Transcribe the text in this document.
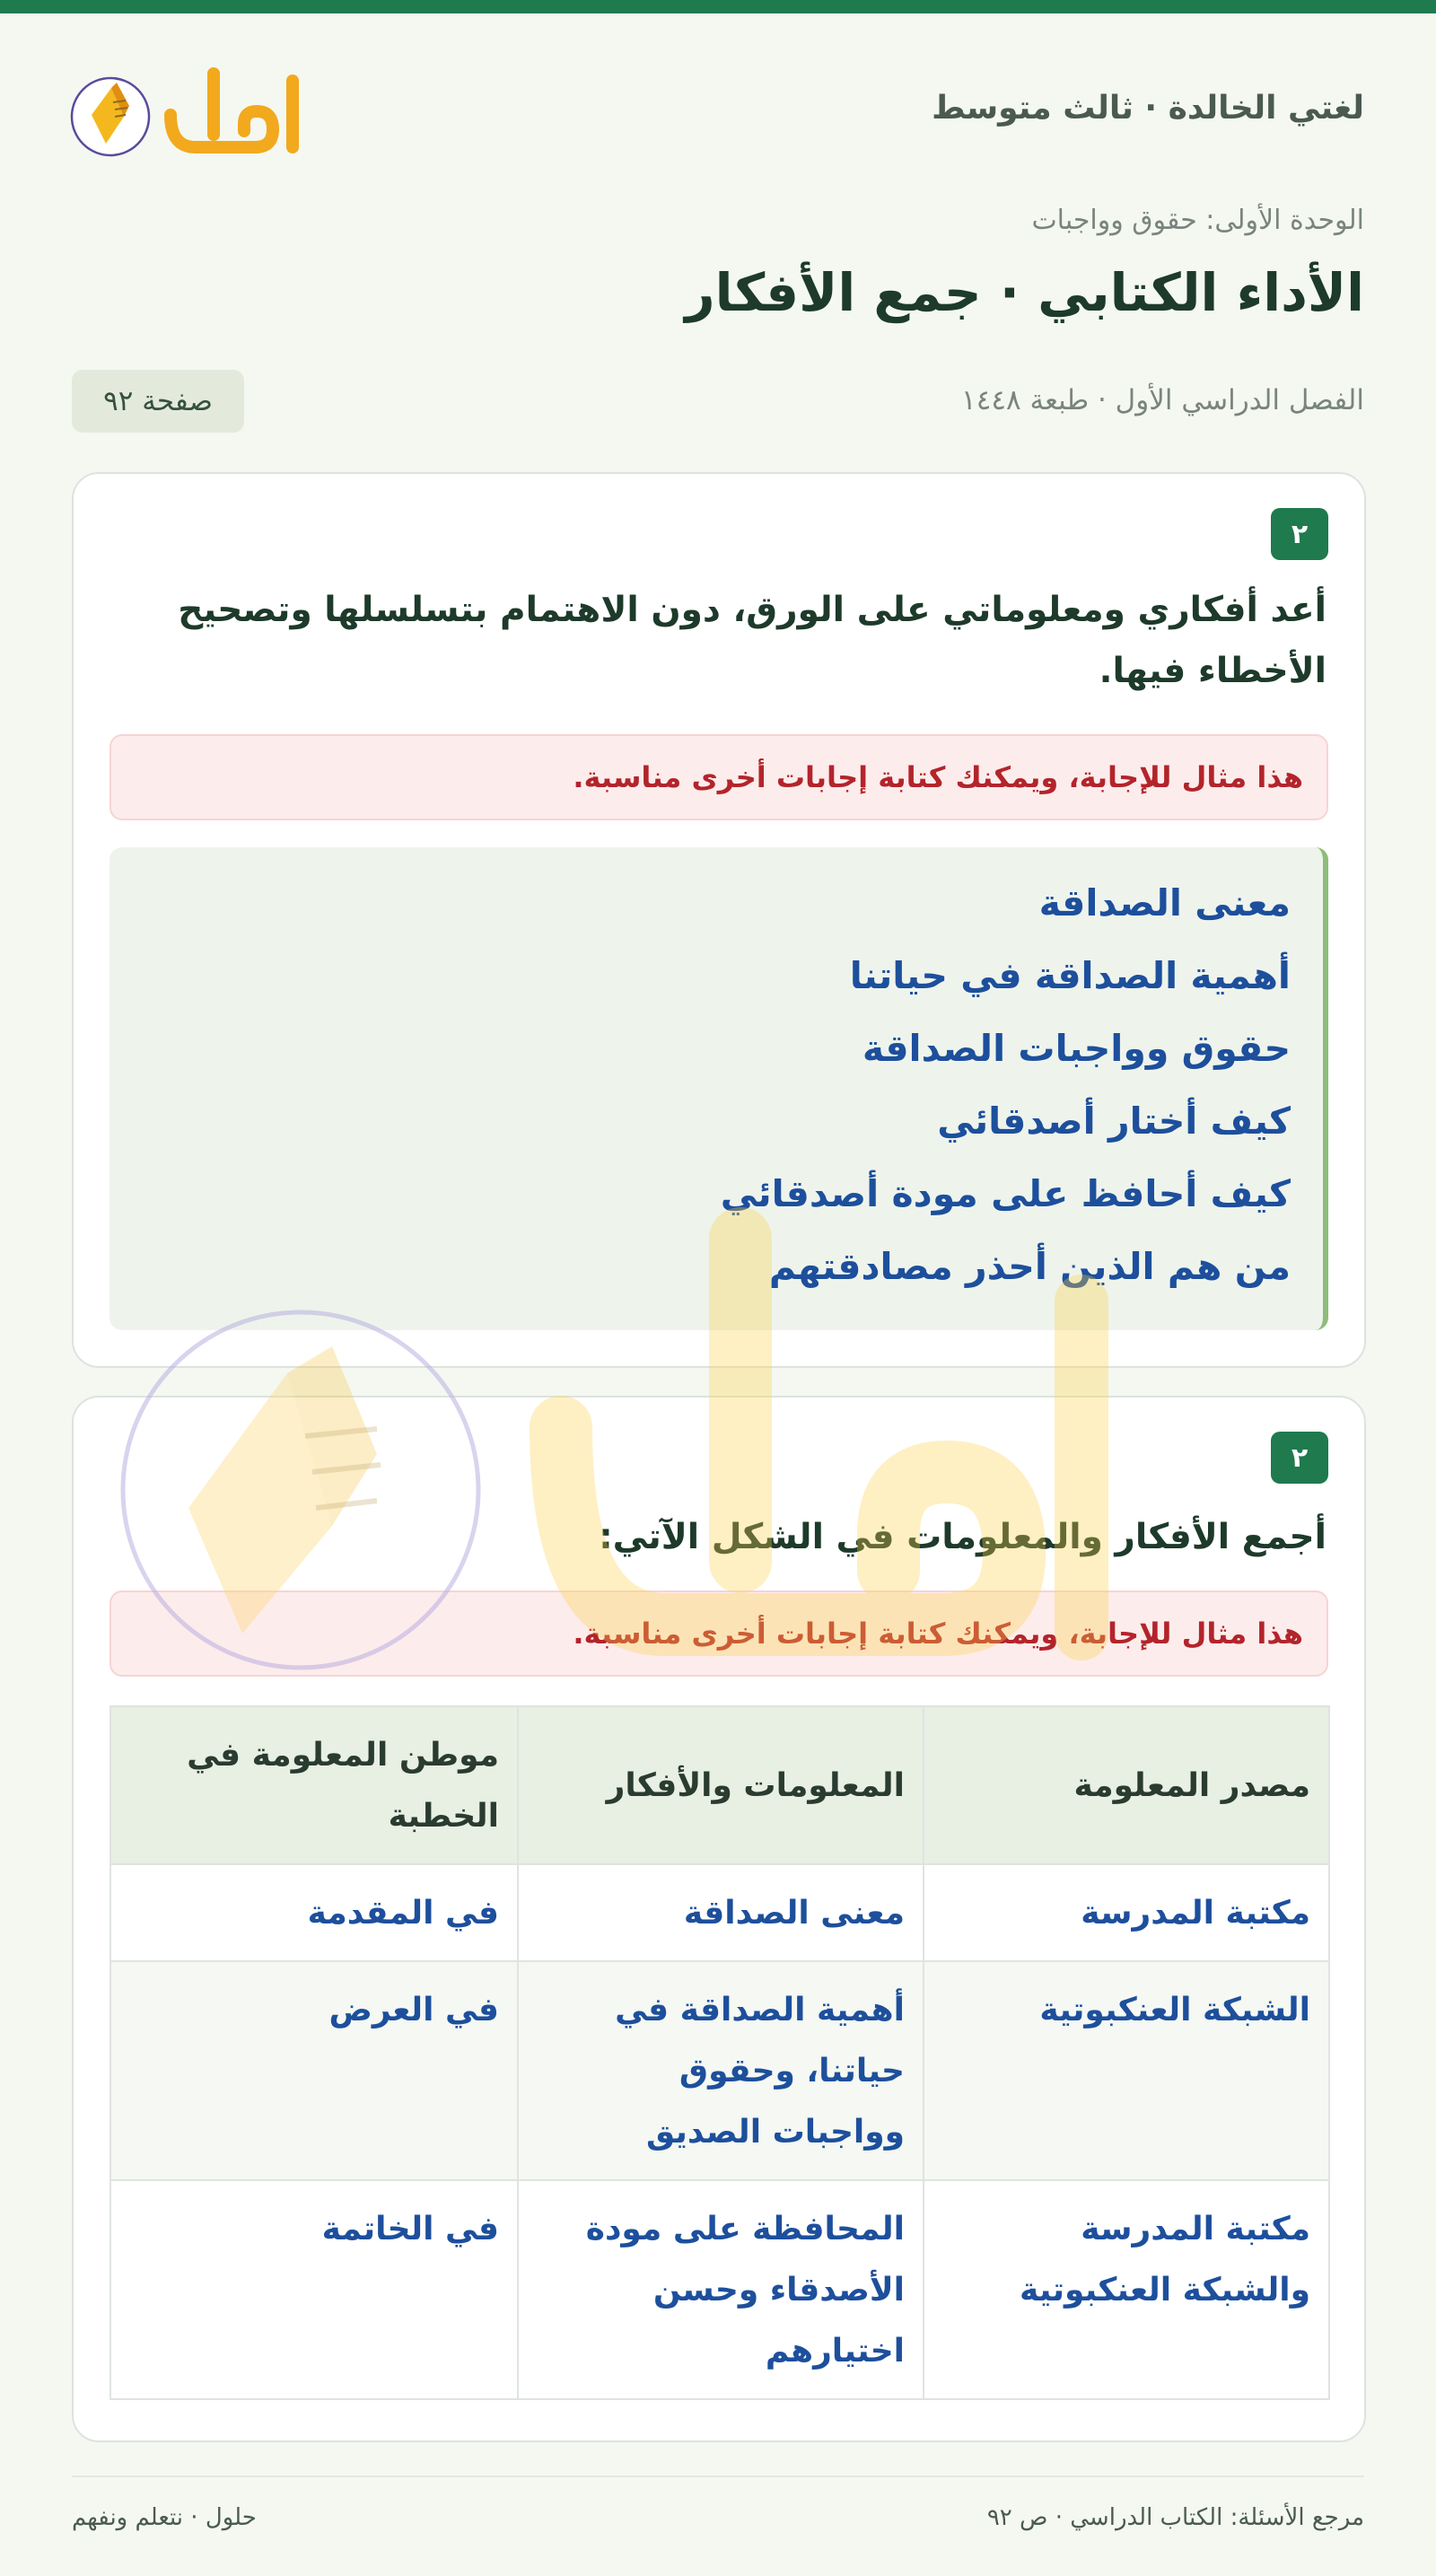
لغتي الخالدة · ثالث متوسط
حلول
الوحدة الأولى: حقوق وواجبات
الأداء الكتابي · جمع الأفكار
الفصل الدراسي الأول · طبعة ١٤٤٨
صفحة ٩٢
٢
أعد أفكاري ومعلوماتي على الورق، دون الاهتمام بتسلسلها وتصحيح الأخطاء فيها.
هذا مثال للإجابة، ويمكنك كتابة إجابات أخرى مناسبة.
معنى الصداقة
أهمية الصداقة في حياتنا
حقوق وواجبات الصداقة
كيف أختار أصدقائي
كيف أحافظ على مودة أصدقائي
من هم الذين أحذر مصادقتهم
٢
أجمع الأفكار والمعلومات في الشكل الآتي:
هذا مثال للإجابة، ويمكنك كتابة إجابات أخرى مناسبة.
مصدر المعلومة	المعلومات والأفكار	موطن المعلومة في الخطبة
مكتبة المدرسة	معنى الصداقة	في المقدمة
الشبكة العنكبوتية	أهمية الصداقة في حياتنا، وحقوق وواجبات الصديق	في العرض
مكتبة المدرسة والشبكة العنكبوتية	المحافظة على مودة الأصدقاء وحسن اختيارهم	في الخاتمة
مرجع الأسئلة: الكتاب الدراسي · ص ٩٢
حلول · نتعلم ونفهم
